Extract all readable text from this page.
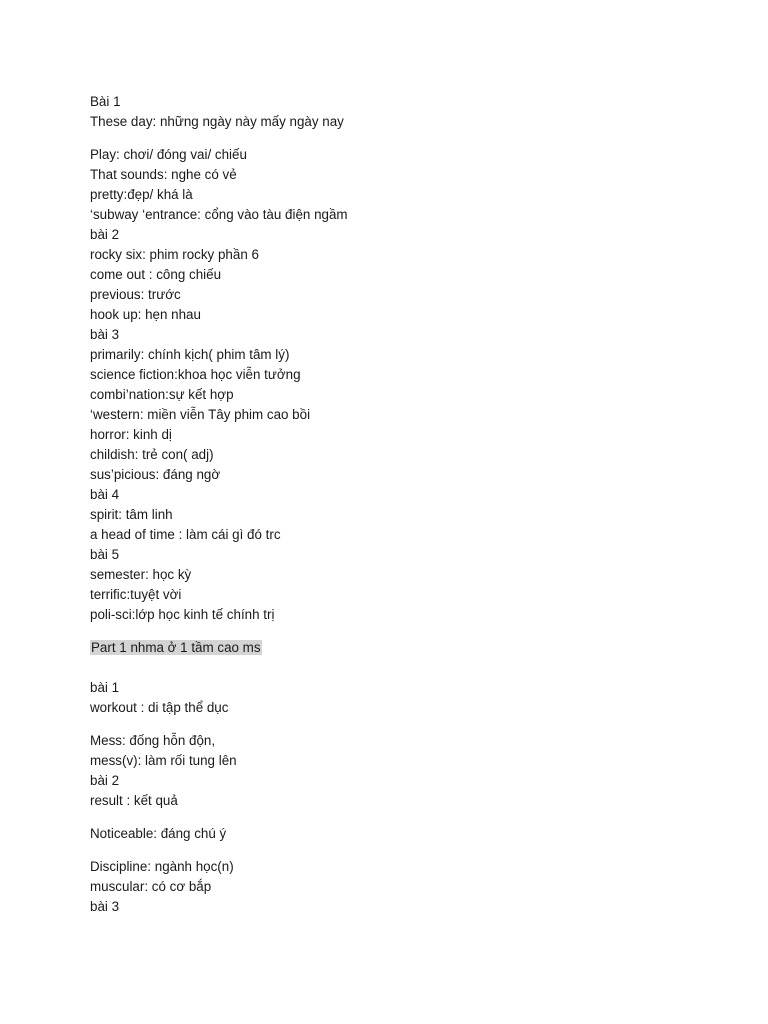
Bài 1
These day: những ngày này mấy ngày nay
Play: chơi/ đóng vai/ chiếu
That sounds: nghe có vẻ
pretty:đẹp/ khá là
‘subway ‘entrance: cổng vào tàu điện ngầm
bài 2
rocky six: phim rocky phần 6
come out : công chiếu
previous: trước
hook up: hẹn nhau
bài 3
primarily: chính kịch( phim tâm lý)
science fiction:khoa học viễn tưởng
combi’nation:sự kết hợp
‘western: miền viễn Tây phim cao bồi
horror: kinh dị
childish: trẻ con( adj)
sus’picious: đáng ngờ
bài 4
spirit: tâm linh
a head of time : làm cái gì đó trc
bài 5
semester: học kỳ
terrific:tuyệt vời
poli-sci:lớp học kinh tế chính trị
Part 1 nhma ở 1 tầm cao ms
bài 1
workout : di tập thể dục
Mess: đống hỗn độn,
mess(v): làm rối tung lên
bài 2
result : kết quả
Noticeable: đáng chú ý
Discipline: ngành học(n)
muscular: có cơ bắp
bài 3
